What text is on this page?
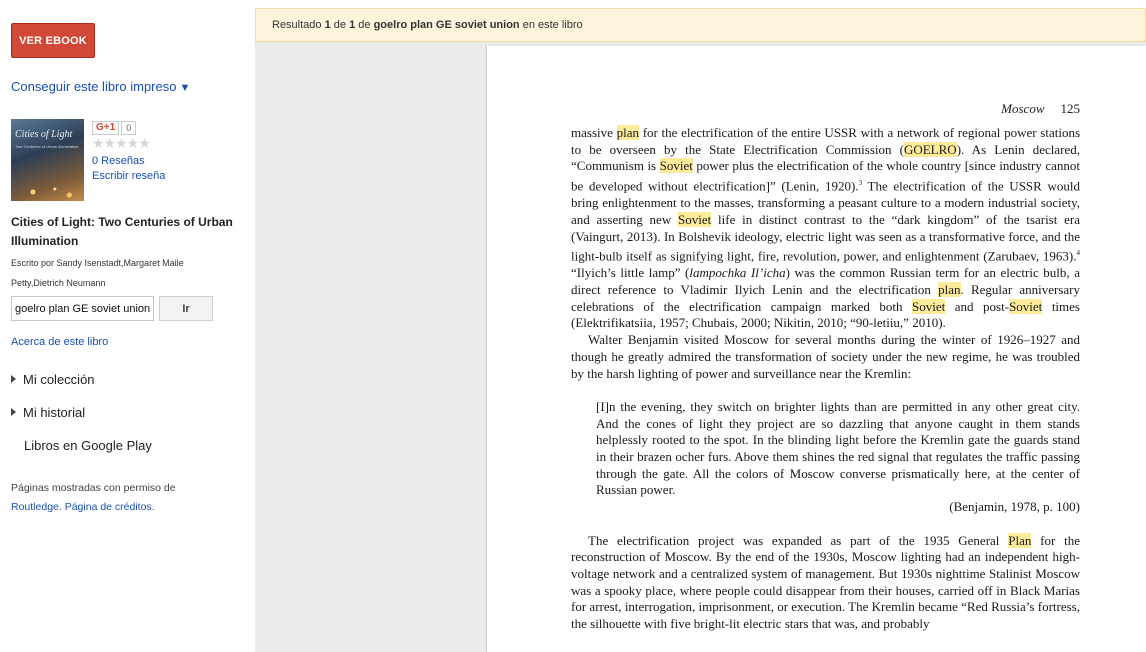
VER EBOOK
Conseguir este libro impreso ▼
Cities of Light
Two Centuries of Urban Illumination
G+1	0
★★★★★
0 Reseñas
Escribir reseña
Cities of Light: Two Centuries of Urban Illumination
Escrito por Sandy Isenstadt,Margaret Maile Petty,Dietrich Neumann
goelro plan GE soviet union
Ir
Acerca de este libro
Mi colección
Mi historial
Libros en Google Play
Páginas mostradas con permiso de
Routledge. Página de créditos.
Resultado
1 de 1 de goelro plan GE soviet union en este libro
Moscow 125

massive plan for the electrification of the entire USSR with a network of regional power stations to be overseen by the State Electrification Commission (GOELRO). As Lenin declared, “Communism is Soviet power plus the electrification of the whole country [since industry cannot be developed without electrification]” (Lenin, 1920).$^3$ The electrification of the USSR would bring enlightenment to the masses, transforming a peasant culture to a modern industrial society, and asserting new Soviet life in distinct contrast to the “dark kingdom” of the tsarist era (Vaingurt, 2013). In Bolshevik ideology, electric light was seen as a transformative force, and the light-bulb itself as signifying light, fire, revolution, power, and enlightenment (Zarubaev, 1963).$^4$ “Ilyich’s little lamp” (lampochka Il’icha) was the common Russian term for an electric bulb, a direct reference to Vladimir Ilyich Lenin and the electrification plan. Regular anniversary celebrations of the electrification campaign marked both Soviet and post-Soviet times (Elektrifikatsiia, 1957; Chubais, 2000; Nikitin, 2010; “90-letiiu,” 2010).

Walter Benjamin visited Moscow for several months during the winter of 1926–1927 and though he greatly admired the transformation of society under the new regime, he was troubled by the harsh lighting of power and surveillance near the Kremlin:

[I]n the evening, they switch on brighter lights than are permitted in any other great city. And the cones of light they project are so dazzling that anyone caught in them stands helplessly rooted to the spot. In the blinding light before the Kremlin gate the guards stand in their brazen ocher furs. Above them shines the red signal that regulates the traffic passing through the gate. All the colors of Moscow converse prismatically here, at the center of Russian power.

(Benjamin, 1978, p. 100)

The electrification project was expanded as part of the 1935 General Plan for the reconstruction of Moscow. By the end of the 1930s, Moscow lighting had an independent high-voltage network and a centralized system of management. But 1930s nighttime Stalinist Moscow was a spooky place, where people could disappear from their houses, carried off in Black Marias for arrest, interrogation, imprisonment, or execution. The Kremlin became “Red Russia’s fortress, the silhouette with five bright-lit electric stars that was, and probably
